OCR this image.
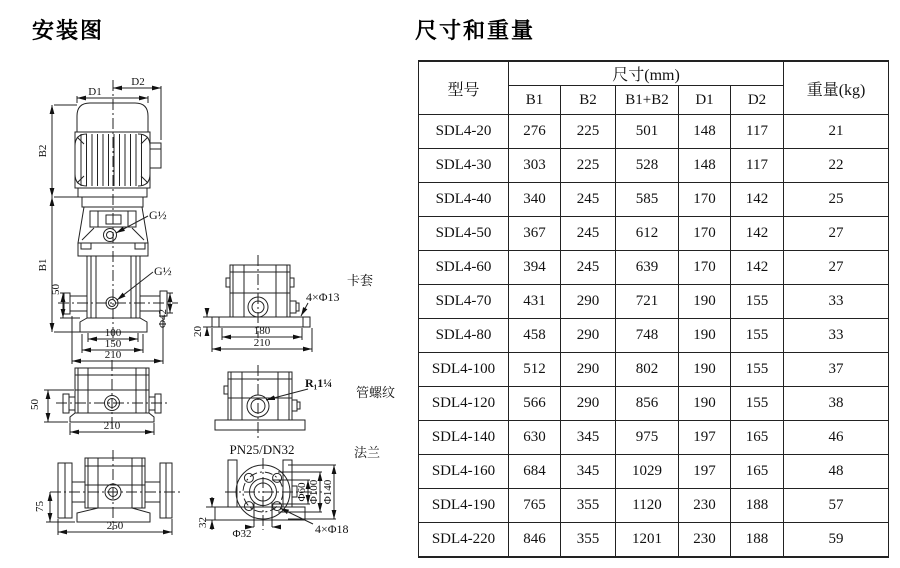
安装图	尺寸和重量
D1
D2
B2
B1
G½
G½
50
Φ42
100
150
210
50
210
75
250
卡套
4×Φ13
20	180
210
管螺纹
R₁1¼
PN25/DN32	法兰
32
Φ32	4×Φ18
Φ60 Φ100 Φ140
型号	尺寸(mm)					重量(kg)
	B1	B2	B1+B2	D1	D2	
SDL4-20	276	225	501	148	117	21
SDL4-30	303	225	528	148	117	22
SDL4-40	340	245	585	170	142	25
SDL4-50	367	245	612	170	142	27
SDL4-60	394	245	639	170	142	27
SDL4-70	431	290	721	190	155	33
SDL4-80	458	290	748	190	155	33
SDL4-100	512	290	802	190	155	37
SDL4-120	566	290	856	190	155	38
SDL4-140	630	345	975	197	165	46
SDL4-160	684	345	1029	197	165	48
SDL4-190	765	355	1120	230	188	57
SDL4-220	846	355	1201	230	188	59
